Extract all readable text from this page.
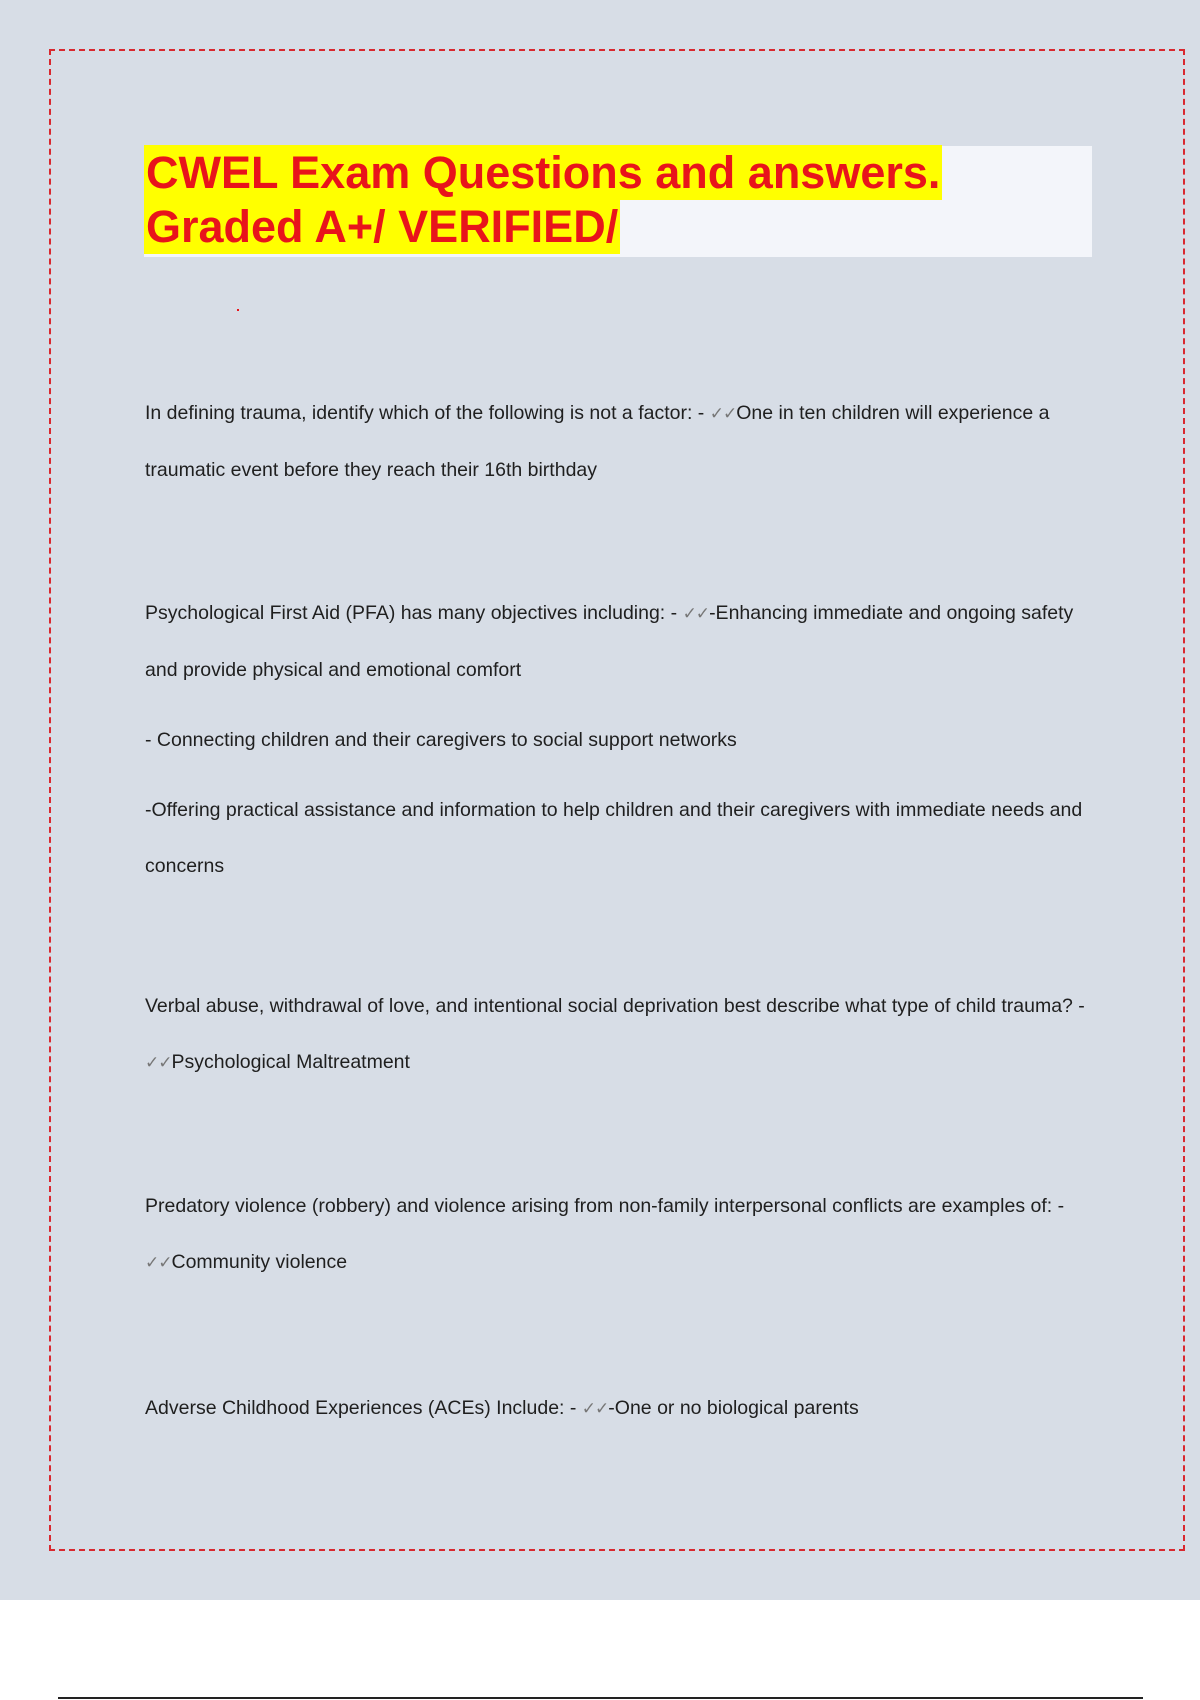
CWEL Exam Questions and answers.
Graded A+/ VERIFIED/

In defining trauma, identify which of the following is not a factor: - ✓✓One in ten children will experience a traumatic event before they reach their 16th birthday

Psychological First Aid (PFA) has many objectives including: - ✓✓-Enhancing immediate and ongoing safety and provide physical and emotional comfort

- Connecting children and their caregivers to social support networks

-Offering practical assistance and information to help children and their caregivers with immediate needs and concerns

Verbal abuse, withdrawal of love, and intentional social deprivation best describe what type of child trauma? - ✓✓Psychological Maltreatment

Predatory violence (robbery) and violence arising from non-family interpersonal conflicts are examples of: - ✓✓Community violence

Adverse Childhood Experiences (ACEs) Include: - ✓✓-One or no biological parents
